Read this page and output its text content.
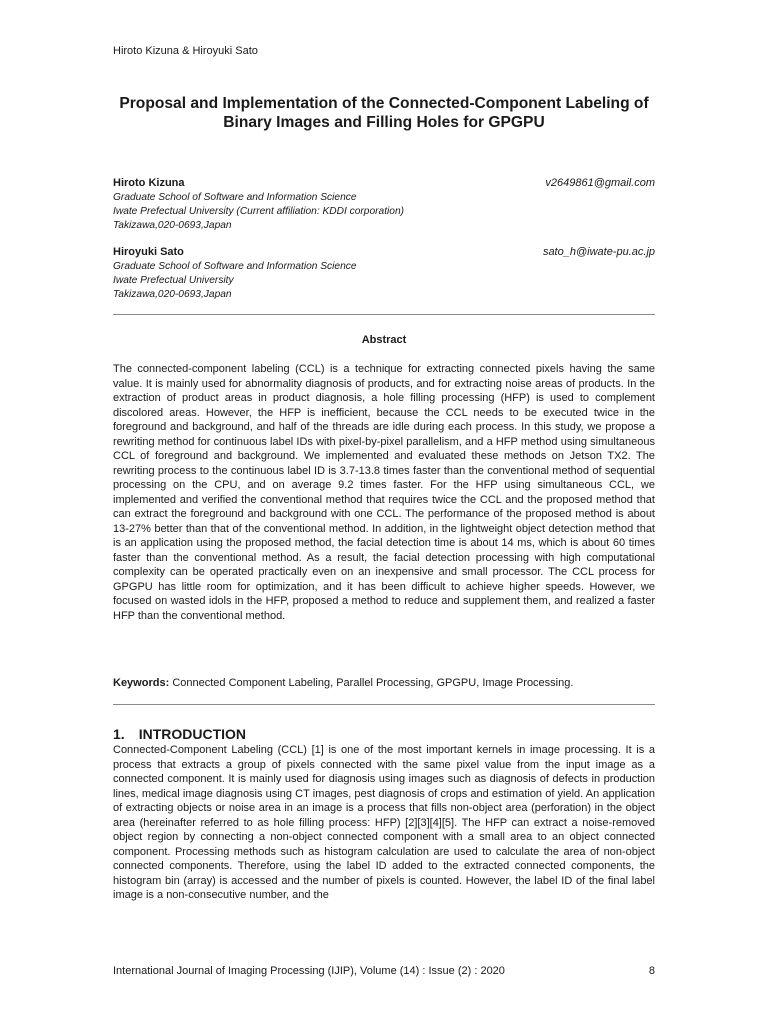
Hiroto Kizuna & Hiroyuki Sato
Proposal and Implementation of the Connected-Component Labeling of Binary Images and Filling Holes for GPGPU
Hiroto Kizuna	v2649861@gmail.com
Graduate School of Software and Information Science
Iwate Prefectual University (Current affiliation: KDDI corporation)
Takizawa,020-0693,Japan
Hiroyuki Sato	sato_h@iwate-pu.ac.jp
Graduate School of Software and Information Science
Iwate Prefectual University
Takizawa,020-0693,Japan
Abstract

The connected-component labeling (CCL) is a technique for extracting connected pixels having the same value. It is mainly used for abnormality diagnosis of products, and for extracting noise areas of products. In the extraction of product areas in product diagnosis, a hole filling processing (HFP) is used to complement discolored areas. However, the HFP is inefficient, because the CCL needs to be executed twice in the foreground and background, and half of the threads are idle during each process. In this study, we propose a rewriting method for continuous label IDs with pixel-by-pixel parallelism, and a HFP method using simultaneous CCL of foreground and background. We implemented and evaluated these methods on Jetson TX2. The rewriting process to the continuous label ID is 3.7-13.8 times faster than the conventional method of sequential processing on the CPU, and on average 9.2 times faster. For the HFP using simultaneous CCL, we implemented and verified the conventional method that requires twice the CCL and the proposed method that can extract the foreground and background with one CCL. The performance of the proposed method is about 13-27% better than that of the conventional method. In addition, in the lightweight object detection method that is an application using the proposed method, the facial detection time is about 14 ms, which is about 60 times faster than the conventional method. As a result, the facial detection processing with high computational complexity can be operated practically even on an inexpensive and small processor. The CCL process for GPGPU has little room for optimization, and it has been difficult to achieve higher speeds. However, we focused on wasted idols in the HFP, proposed a method to reduce and supplement them, and realized a faster HFP than the conventional method.

Keywords: Connected Component Labeling, Parallel Processing, GPGPU, Image Processing.
1. INTRODUCTION

Connected-Component Labeling (CCL) [1] is one of the most important kernels in image processing. It is a process that extracts a group of pixels connected with the same pixel value from the input image as a connected component. It is mainly used for diagnosis using images such as diagnosis of defects in production lines, medical image diagnosis using CT images, pest diagnosis of crops and estimation of yield. An application of extracting objects or noise area in an image is a process that fills non-object area (perforation) in the object area (hereinafter referred to as hole filling process: HFP) [2][3][4][5]. The HFP can extract a noise-removed object region by connecting a non-object connected component with a small area to an object connected component. Processing methods such as histogram calculation are used to calculate the area of non-object connected components. Therefore, using the label ID added to the extracted connected components, the histogram bin (array) is accessed and the number of pixels is counted. However, the label ID of the final label image is a non-consecutive number, and the

International Journal of Imaging Processing (IJIP), Volume (14) : Issue (2) : 2020	8
